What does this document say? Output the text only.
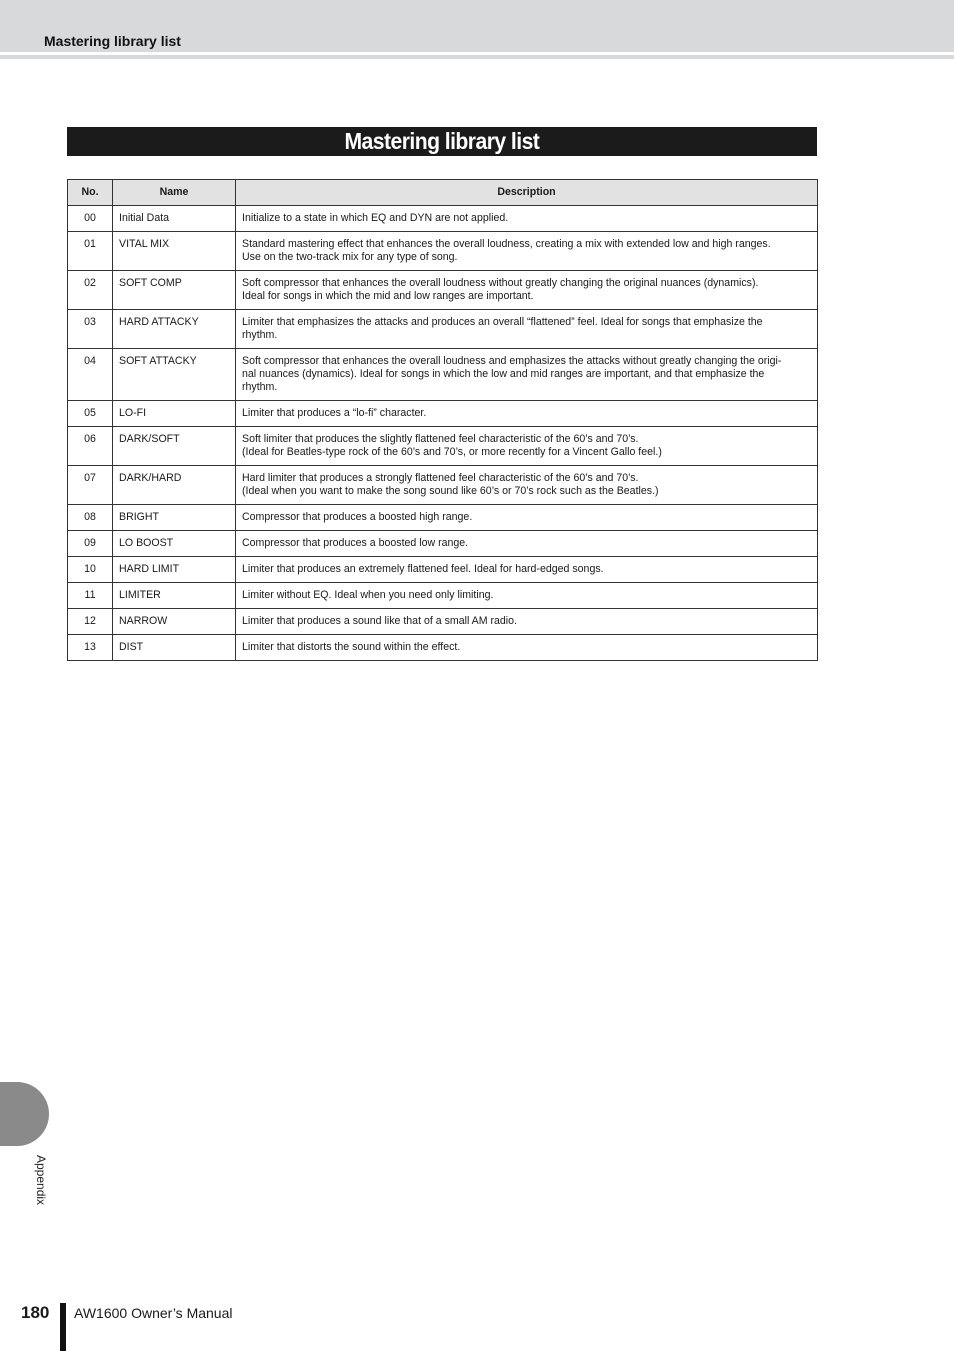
Mastering library list
Mastering library list
No.	Name	Description
00	Initial Data	Initialize to a state in which EQ and DYN are not applied.

01	VITAL MIX	Standard mastering effect that enhances the overall loudness, creating a mix with extended low and high ranges.
Use on the two-track mix for any type of song.

02	SOFT COMP	Soft compressor that enhances the overall loudness without greatly changing the original nuances (dynamics).
Ideal for songs in which the mid and low ranges are important.

03	HARD ATTACKY	Limiter that emphasizes the attacks and produces an overall “flattened” feel. Ideal for songs that emphasize the
rhythm.

04	SOFT ATTACKY	Soft compressor that enhances the overall loudness and emphasizes the attacks without greatly changing the origi-
nal nuances (dynamics). Ideal for songs in which the low and mid ranges are important, and that emphasize the
rhythm.

05	LO-FI	Limiter that produces a “lo-fi” character.

06	DARK/SOFT	Soft limiter that produces the slightly flattened feel characteristic of the 60’s and 70’s.
(Ideal for Beatles-type rock of the 60’s and 70’s, or more recently for a Vincent Gallo feel.)

07	DARK/HARD	Hard limiter that produces a strongly flattened feel characteristic of the 60’s and 70’s.
(Ideal when you want to make the song sound like 60’s or 70’s rock such as the Beatles.)

08	BRIGHT	Compressor that produces a boosted high range.

09	LO BOOST	Compressor that produces a boosted low range.

10	HARD LIMIT	Limiter that produces an extremely flattened feel. Ideal for hard-edged songs.

11	LIMITER	Limiter without EQ. Ideal when you need only limiting.

12	NARROW	Limiter that produces a sound like that of a small AM radio.

13	DIST	Limiter that distorts the sound within the effect.
Appendix
180 AW1600 Owner’s Manual
